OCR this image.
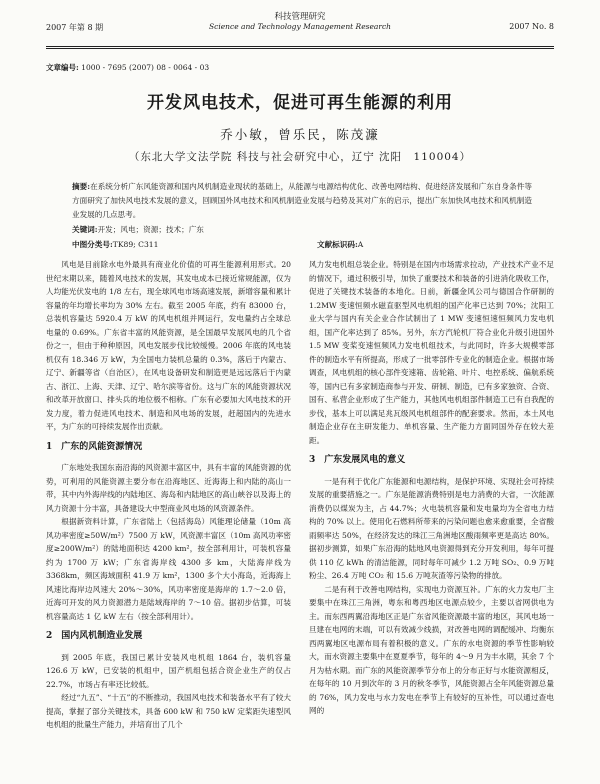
2007 年第 8 期
科技管理研究
Science and Technology Management Research	2007 No. 8
文章编号: 1000 - 7695 (2007) 08 - 0064 - 03
开发风电技术，促进可再生能源的利用
乔小敏，曾乐民，陈茂濂
（东北大学文法学院 科技与社会研究中心，辽宁 沈阳　110004）
摘要:在系统分析广东风能资源和国内风机制造业现状的基础上，从能源与电源结构优化、改善电网结构、促进经济发展和广东自身条件等方面研究了加快风电技术发展的意义，回顾国外风电技术和风机制造业发展与趋势及其对广东的启示，提出广东加快风电技术和风机制造业发展的几点思考。
关键词:开发；风电；资源；技术；广东
中图分类号:TK89; C311	文献标识码:A

风电是目前除水电外最具有商业化价值的可再生能源利用形式。20 世纪末期以来，随着风电技术的发展，其发电成本已接近常规能源，仅为人均能光伏发电的 1/8 左右，现全球风电市场高速发展，新增容量和累计容量的年均增长率均为 30% 左右。截至 2005 年底，约有 83000 台，总装机容量达 5920.4 万 kW 的风电机组并网运行，发电量约占全球总电量的 0.69%。广东省丰富的风能资源，是全国最早发展风电的几个省份之一，但由于种种原因，风电发展步伐比较缓慢。2006 年底的风电装机仅有 18.346 万 kW，为全国电力装机总量的 0.3%，落后于内蒙古、辽宁、新疆等省（自治区），在风电设备研发和制造更是远远落后于内蒙古、浙江、上海、天津、辽宁、哈尔滨等省份。这与广东的风能资源状况和改革开放窗口、排头兵的地位极不相称。广东有必要加大风电技术的开发力度，着力促进风电技术、制造和风电场的发展，赶超国内的先进水平，为广东的可持续发展作出贡献。

1　广东的风能资源情况

广东地处我国东南沿海的风资源丰富区中，具有丰富的风能资源的优势，可利用的风能资源主要分布在沿海地区、近海海上和内陆的高山一带，其中内外海岸线的内陆地区、海岛和内陆地区的高山峡谷以及海上的风力资源十分丰富，具备建设大中型商业风电场的风资源条件。

根据新资料计算，广东省陆上（包括海岛）风能理论储量（10m 高风功率密度≥50W/m²）7500 万 kW，风资源丰富区（10m 高风功率密度≥200W/m²）的陆地面积达 4200 km²，按全部利用计，可装机容量约为 1700 万 kW；广东省海岸线 4300 多 km，大陆海岸线为 3368km，频区海域面积 41.9 万 km²，1300 多个大小海岛，近海海上风速比海岸边风速大 20%～30%，风功率密度是海岸的 1.7～2.0 倍，近海可开发的风力资源潜力是陆域海岸的 7～10 倍。据初步估算，可装机容量高达 1 亿 kW 左右（按全部利用计）。

2　国内风机制造业发展

到 2005 年底，我国已累计安装风电机组 1864 台，装机容量 126.6 万 kW，已安装的机组中，国产机组包括合资企业生产的仅占 22.7%，市场占有率还比较低。

经过“九五”、“十五”的不断推动，我国风电技术和装备水平有了较大提高，掌握了部分关键技术，具备 600 kW 和 750 kW 定桨距失速型风电机组的批量生产能力，并培育出了几个

风力发电机组总装企业。特别是在国内市场需求拉动，产业技术产业不足的情况下，通过积极引导，加快了重要技术和装备的引进消化吸收工作，促进了关键技术装备的本地化。日前，新疆金风公司与德国合作研制的 1.2MW 变速恒频水磁直驱型风电机组的国产化率已达到 70%；沈阳工业大学与国内有关企业合作试制出了 1 MW 变速恒速恒频风力发电机组，国产化率达到了 85%。另外，东方汽轮机厂符合业化升级引进国外 1.5 MW 变桨变速恒频风力发电机组技术，与此同时，许多大规模零部件的制造水平有所提高，形成了一批零部件专业化的制造企业。根据市场调查，风电机组的核心部件变速箱、齿轮箱、叶片、电控系统、偏航系统等，国内已有多家制造商参与开发、研制、制造，已有多家独资、合资、国有、私营企业形成了生产能力，其他风电机组部件制造工已有自我配的步伐，基本上可以满足兆瓦级风电机组部件的配套要求。然而，本土风电制造企业存在主研发能力、单机容量、生产能力方面同国外存在较大差距。

3　广东发展风电的意义

一是有利于优化广东能源和电源结构，是保护环境、实现社会可持续发展的重要措施之一。广东是能源消费特别是电力消费的大省，一次能源消费仍以煤炭为主，占 44.7%；火电装机容量和发电量均为全省电力结构的 70% 以上。使用化石燃料所带来的污染问题也愈来愈重要，全省酸雨频率达 50%，在经济发达的珠江三角洲地区酸雨频率更是高达 80%。据初步测算，如果广东沿海的陆地风电资源得到充分开发利用，每年可提供 110 亿 kWh 的清洁能源，同时每年可减少 1.2 万吨 SO₂、0.9 万吨粉尘、26.4 万吨 CO₂ 和 15.6 万吨灰渣等污染物的排放。

二是有利于改善电网结构，实现电力资源互补。广东的火力发电厂主要集中在珠江三角洲，粤东和粤西地区电源点较少，主要以省网供电为主。而东西两翼沿海地区正是广东省风能资源最丰富的地区，其风电场一旦建在电网的末端，可以有效减少线损，对改善电网的调配缓冲、均衡东西两翼地区电源布局有着积极的意义。广东的水电资源的季节性影响较大，而水资源主要集中在夏夏季节，每年的 4～9 月为丰水期，其余 7 个月为枯水期。而广东的风能资源季节分布上的分布正好与水能资源相反，在每年的 10 月到次年的 3 月的秋冬季节，风能资源占全年风能资源总量的 76%，风力发电与水力发电在季节上有较好的互补性，可以通过查电网的
